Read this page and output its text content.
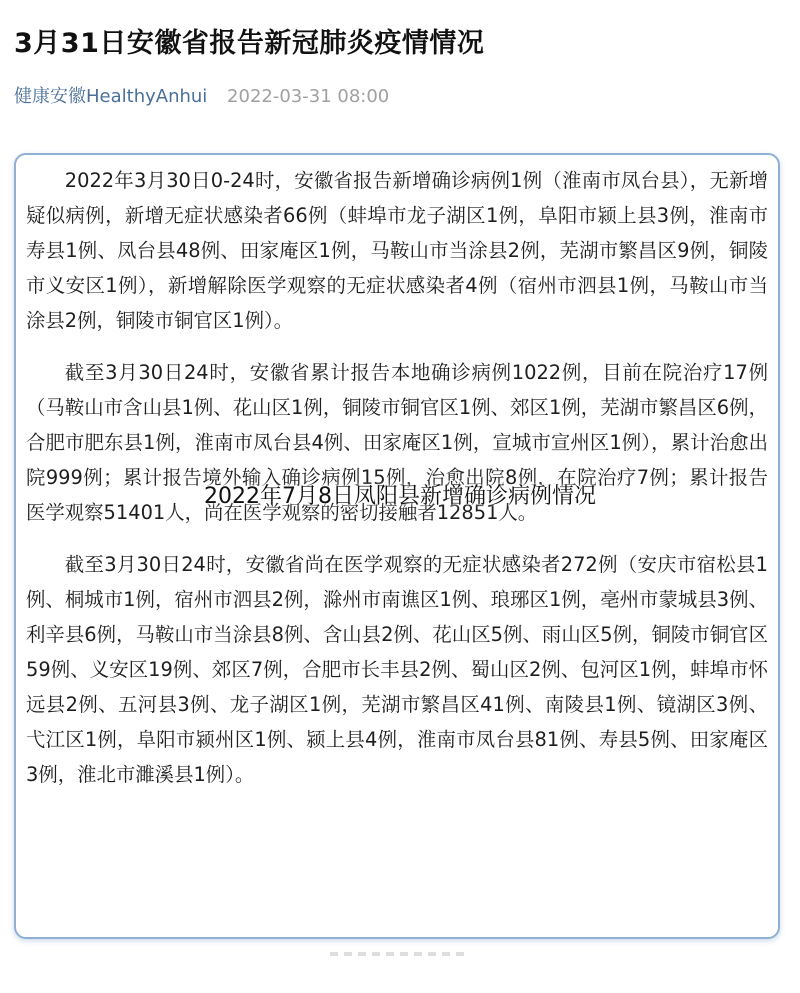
3月31日安徽省报告新冠肺炎疫情情况
健康安徽HealthyAnhui 2022-03-31 08:00

2022年3月30日0-24时，安徽省报告新增确诊病例1例（淮南市凤台县），无新增疑似病例，新增无症状感染者66例（蚌埠市龙子湖区1例，阜阳市颍上县3例，淮南市寿县1例、凤台县48例、田家庵区1例，马鞍山市当涂县2例，芜湖市繁昌区9例，铜陵市义安区1例），新增解除医学观察的无症状感染者4例（宿州市泗县1例，马鞍山市当涂县2例，铜陵市铜官区1例）。

截至3月30日24时，安徽省累计报告本地确诊病例1022例，目前在院治疗17例（马鞍山市含山县1例、花山区1例，铜陵市铜官区1例、郊区1例，芜湖市繁昌区6例，合肥市肥东县1例，淮南市凤台县4例、田家庵区1例，宣城市宣州区1例），累计治愈出院999例；累计报告境外输入确诊病例15例，治愈出院8例，在院治疗7例；累计报告医学观察51401人，尚在医学观察的密切接触者12851人。

截至3月30日24时，安徽省尚在医学观察的无症状感染者272例（安庆市宿松县1例、桐城市1例，宿州市泗县2例，滁州市南谯区1例、琅琊区1例，亳州市蒙城县3例、利辛县6例，马鞍山市当涂县8例、含山县2例、花山区5例、雨山区5例，铜陵市铜官区59例、义安区19例、郊区7例，合肥市长丰县2例、蜀山区2例、包河区1例，蚌埠市怀远县2例、五河县3例、龙子湖区1例，芜湖市繁昌区41例、南陵县1例、镜湖区3例、弋江区1例，阜阳市颍州区1例、颍上县4例，淮南市凤台县81例、寿县5例、田家庵区3例，淮北市濉溪县1例）。

2022年7月8日凤阳县新增确诊病例情况
